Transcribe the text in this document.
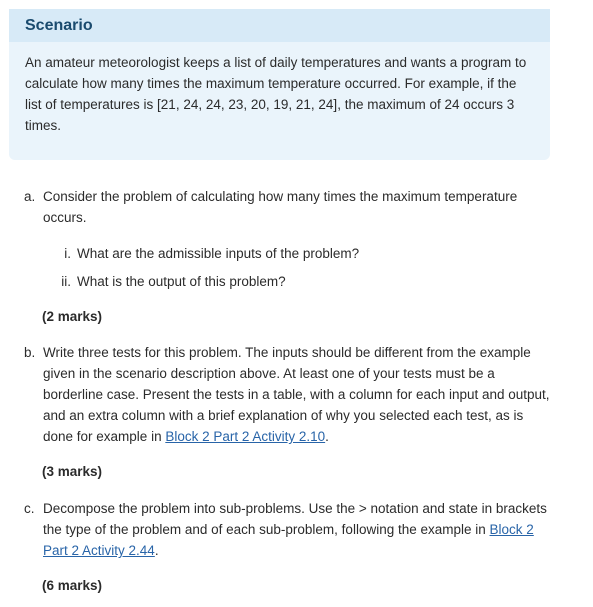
Scenario
An amateur meteorologist keeps a list of daily temperatures and wants a program to calculate how many times the maximum temperature occurred. For example, if the list of temperatures is [21, 24, 24, 23, 20, 19, 21, 24], the maximum of 24 occurs 3 times.
a. Consider the problem of calculating how many times the maximum temperature occurs.
i. What are the admissible inputs of the problem?
ii. What is the output of this problem?
(2 marks)
b. Write three tests for this problem. The inputs should be different from the example given in the scenario description above. At least one of your tests must be a borderline case. Present the tests in a table, with a column for each input and output, and an extra column with a brief explanation of why you selected each test, as is done for example in Block 2 Part 2 Activity 2.10.
(3 marks)
c. Decompose the problem into sub-problems. Use the > notation and state in brackets the type of the problem and of each sub-problem, following the example in Block 2 Part 2 Activity 2.44.
(6 marks)
